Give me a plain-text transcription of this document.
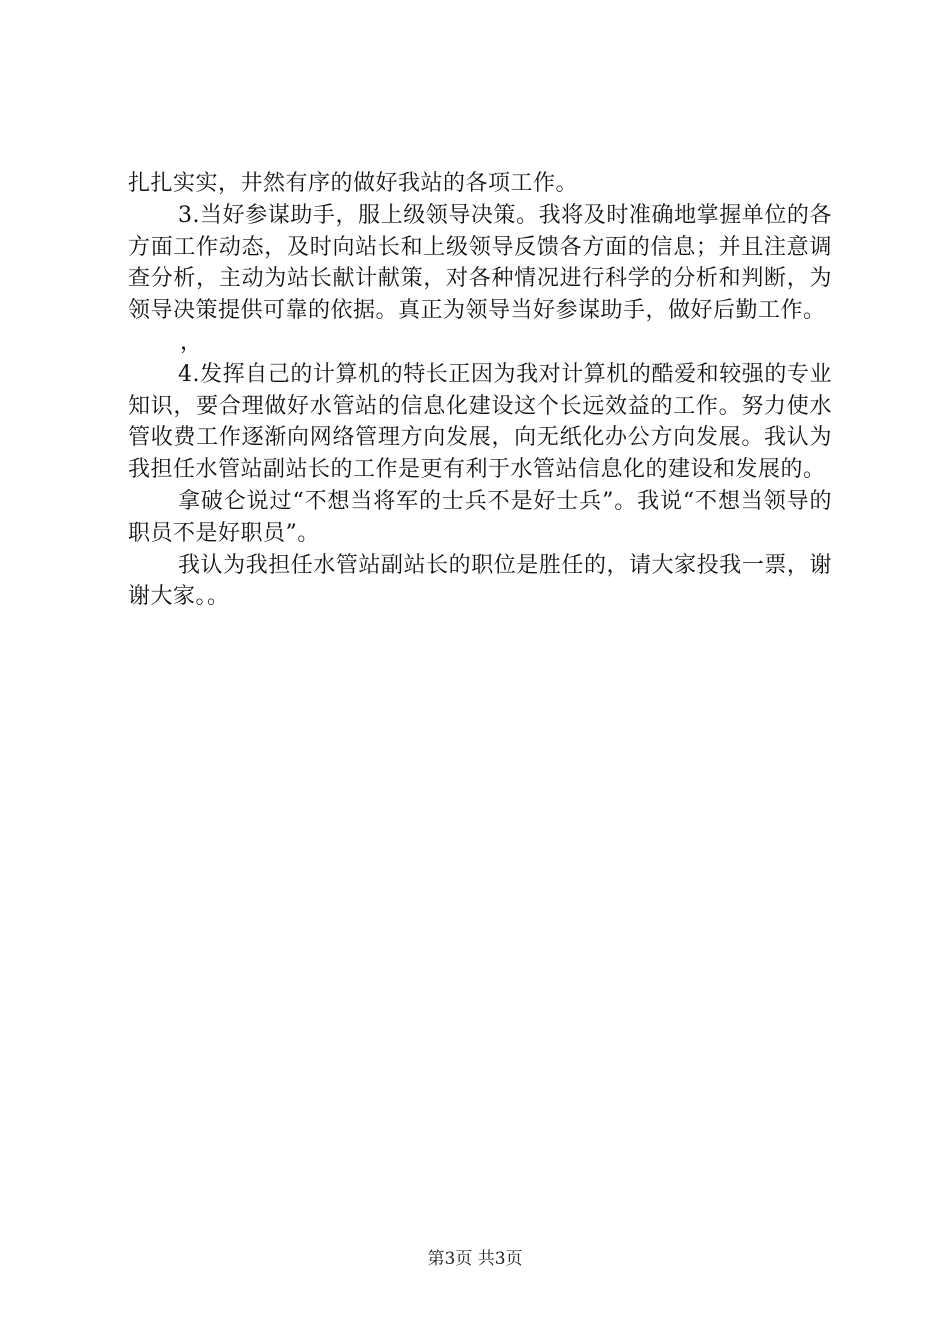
扎扎实实，井然有序的做好我站的各项工作。

3.当好参谋助手，服上级领导决策。我将及时准确地掌握单位的各方面工作动态，及时向站长和上级领导反馈各方面的信息；并且注意调查分析，主动为站长献计献策，对各种情况进行科学的分析和判断，为领导决策提供可靠的依据。真正为领导当好参谋助手，做好后勤工作。

，

4.发挥自己的计算机的特长正因为我对计算机的酷爱和较强的专业知识，要合理做好水管站的信息化建设这个长远效益的工作。努力使水管收费工作逐渐向网络管理方向发展，向无纸化办公方向发展。我认为我担任水管站副站长的工作是更有利于水管站信息化的建设和发展的。

拿破仑说过“不想当将军的士兵不是好士兵”。我说“不想当领导的职员不是好职员”。

我认为我担任水管站副站长的职位是胜任的，请大家投我一票，谢谢大家。。

第3页 共3页
